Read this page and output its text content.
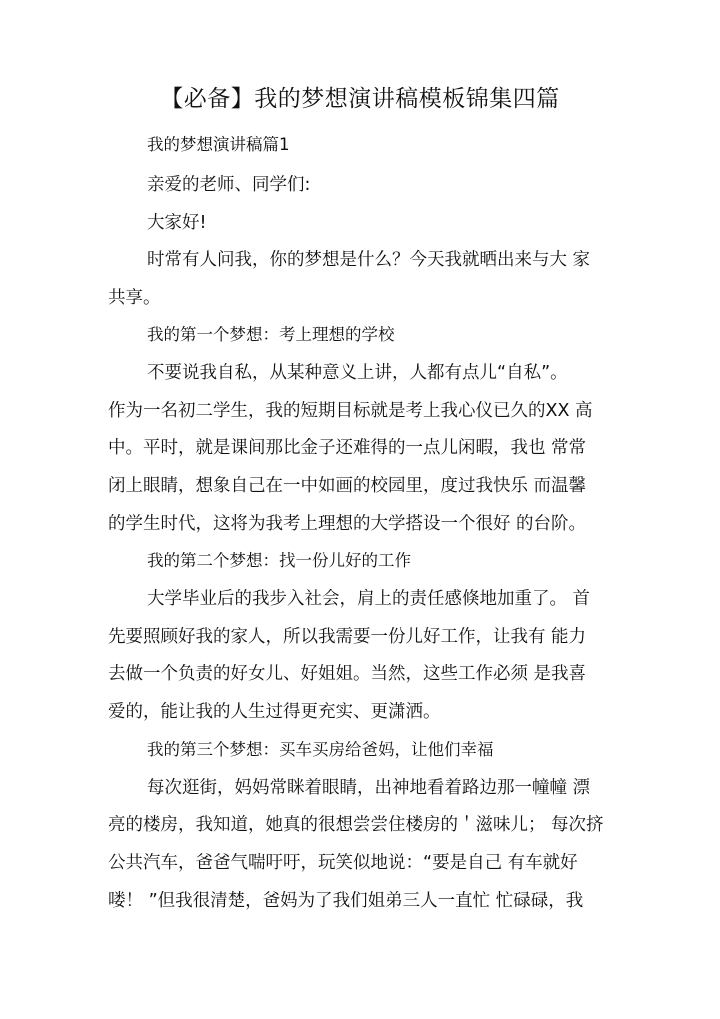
【必备】我的梦想演讲稿模板锦集四篇
我的梦想演讲稿篇1
亲爱的老师、同学们:
大家好!
时常有人问我，你的梦想是什么？今天我就晒出来与大 家
共享。
我的第一个梦想：考上理想的学校
不要说我自私，从某种意义上讲，人都有点儿“自私”。
作为一名初二学生，我的短期目标就是考上我心仪已久的XX 高
中。平时，就是课间那比金子还难得的一点儿闲暇，我也 常常
闭上眼睛，想象自己在一中如画的校园里，度过我快乐 而温馨
的学生时代，这将为我考上理想的大学搭设一个很好 的台阶。
我的第二个梦想：找一份儿好的工作
大学毕业后的我步入社会，肩上的责任感倏地加重了。 首
先要照顾好我的家人，所以我需要一份儿好工作，让我有 能力
去做一个负责的好女儿、好姐姐。当然，这些工作必须 是我喜
爱的，能让我的人生过得更充实、更潇洒。
我的第三个梦想：买车买房给爸妈，让他们幸福
每次逛街，妈妈常眯着眼睛，出神地看着路边那一幢幢 漂
亮的楼房，我知道，她真的很想尝尝住楼房的＇滋味儿； 每次挤
公共汽车，爸爸气喘吁吁，玩笑似地说：“要是自己 有车就好
喽！ ”但我很清楚，爸妈为了我们姐弟三人一直忙 忙碌碌，我
